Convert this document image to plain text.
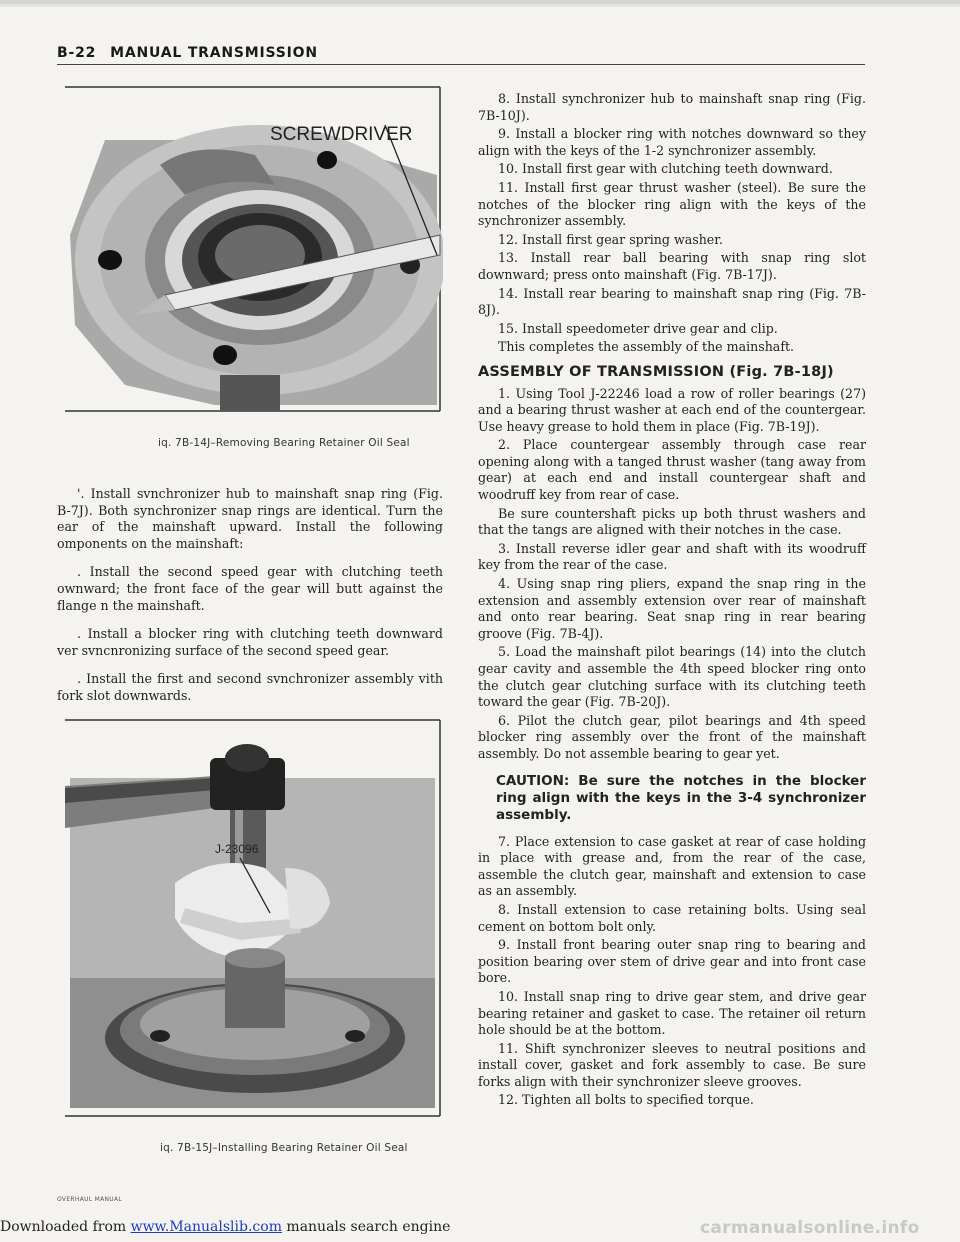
B-22 MANUAL TRANSMISSION
SCREWDRIVER
iq. 7B-14J–Removing Bearing Retainer Oil Seal

'. Install svnchronizer hub to mainshaft snap ring (Fig. B-7J). Both synchronizer snap rings are identical. Turn the ear of the mainshaft upward. Install the following omponents on the mainshaft:

. Install the second speed gear with clutching teeth ownward; the front face of the gear will butt against the flange n the mainshaft.

. Install a blocker ring with clutching teeth downward ver svncnronizing surface of the second speed gear.

. Install the first and second svnchronizer assembly vith fork slot downwards.

J-23096
iq. 7B-15J–Installing Bearing Retainer Oil Seal

8. Install synchronizer hub to mainshaft snap ring (Fig. 7B-10J).

9. Install a blocker ring with notches downward so they align with the keys of the 1-2 synchronizer assembly.

10. Install first gear with clutching teeth downward.

11. Install first gear thrust washer (steel). Be sure the notches of the blocker ring align with the keys of the synchronizer assembly.

12. Install first gear spring washer.

13. Install rear ball bearing with snap ring slot downward; press onto mainshaft (Fig. 7B-17J).

14. Install rear bearing to mainshaft snap ring (Fig. 7B-8J).

15. Install speedometer drive gear and clip.

This completes the assembly of the mainshaft.

ASSEMBLY OF TRANSMISSION (Fig. 7B-18J)

1. Using Tool J-22246 load a row of roller bearings (27) and a bearing thrust washer at each end of the countergear. Use heavy grease to hold them in place (Fig. 7B-19J).

2. Place countergear assembly through case rear opening along with a tanged thrust washer (tang away from gear) at each end and install countergear shaft and woodruff key from rear of case.

Be sure countershaft picks up both thrust washers and that the tangs are aligned with their notches in the case.

3. Install reverse idler gear and shaft with its woodruff key from the rear of the case.

4. Using snap ring pliers, expand the snap ring in the extension and assembly extension over rear of mainshaft and onto rear bearing. Seat snap ring in rear bearing groove (Fig. 7B-4J).

5. Load the mainshaft pilot bearings (14) into the clutch gear cavity and assemble the 4th speed blocker ring onto the clutch gear clutching surface with its clutching teeth toward the gear (Fig. 7B-20J).

6. Pilot the clutch gear, pilot bearings and 4th speed blocker ring assembly over the front of the mainshaft assembly. Do not assemble bearing to gear yet.

CAUTION: Be sure the notches in the blocker ring align with the keys in the 3-4 synchronizer assembly.

7. Place extension to case gasket at rear of case holding in place with grease and, from the rear of the case, assemble the clutch gear, mainshaft and extension to case as an assembly.

8. Install extension to case retaining bolts. Using seal cement on bottom bolt only.

9. Install front bearing outer snap ring to bearing and position bearing over stem of drive gear and into front case bore.

10. Install snap ring to drive gear stem, and drive gear bearing retainer and gasket to case. The retainer oil return hole should be at the bottom.

11. Shift synchronizer sleeves to neutral positions and install cover, gasket and fork assembly to case. Be sure forks align with their synchronizer sleeve grooves.

12. Tighten all bolts to specified torque.

OVERHAUL MANUAL
Downloaded from www.Manualslib.com manuals search engine	carmanualsonline.info
